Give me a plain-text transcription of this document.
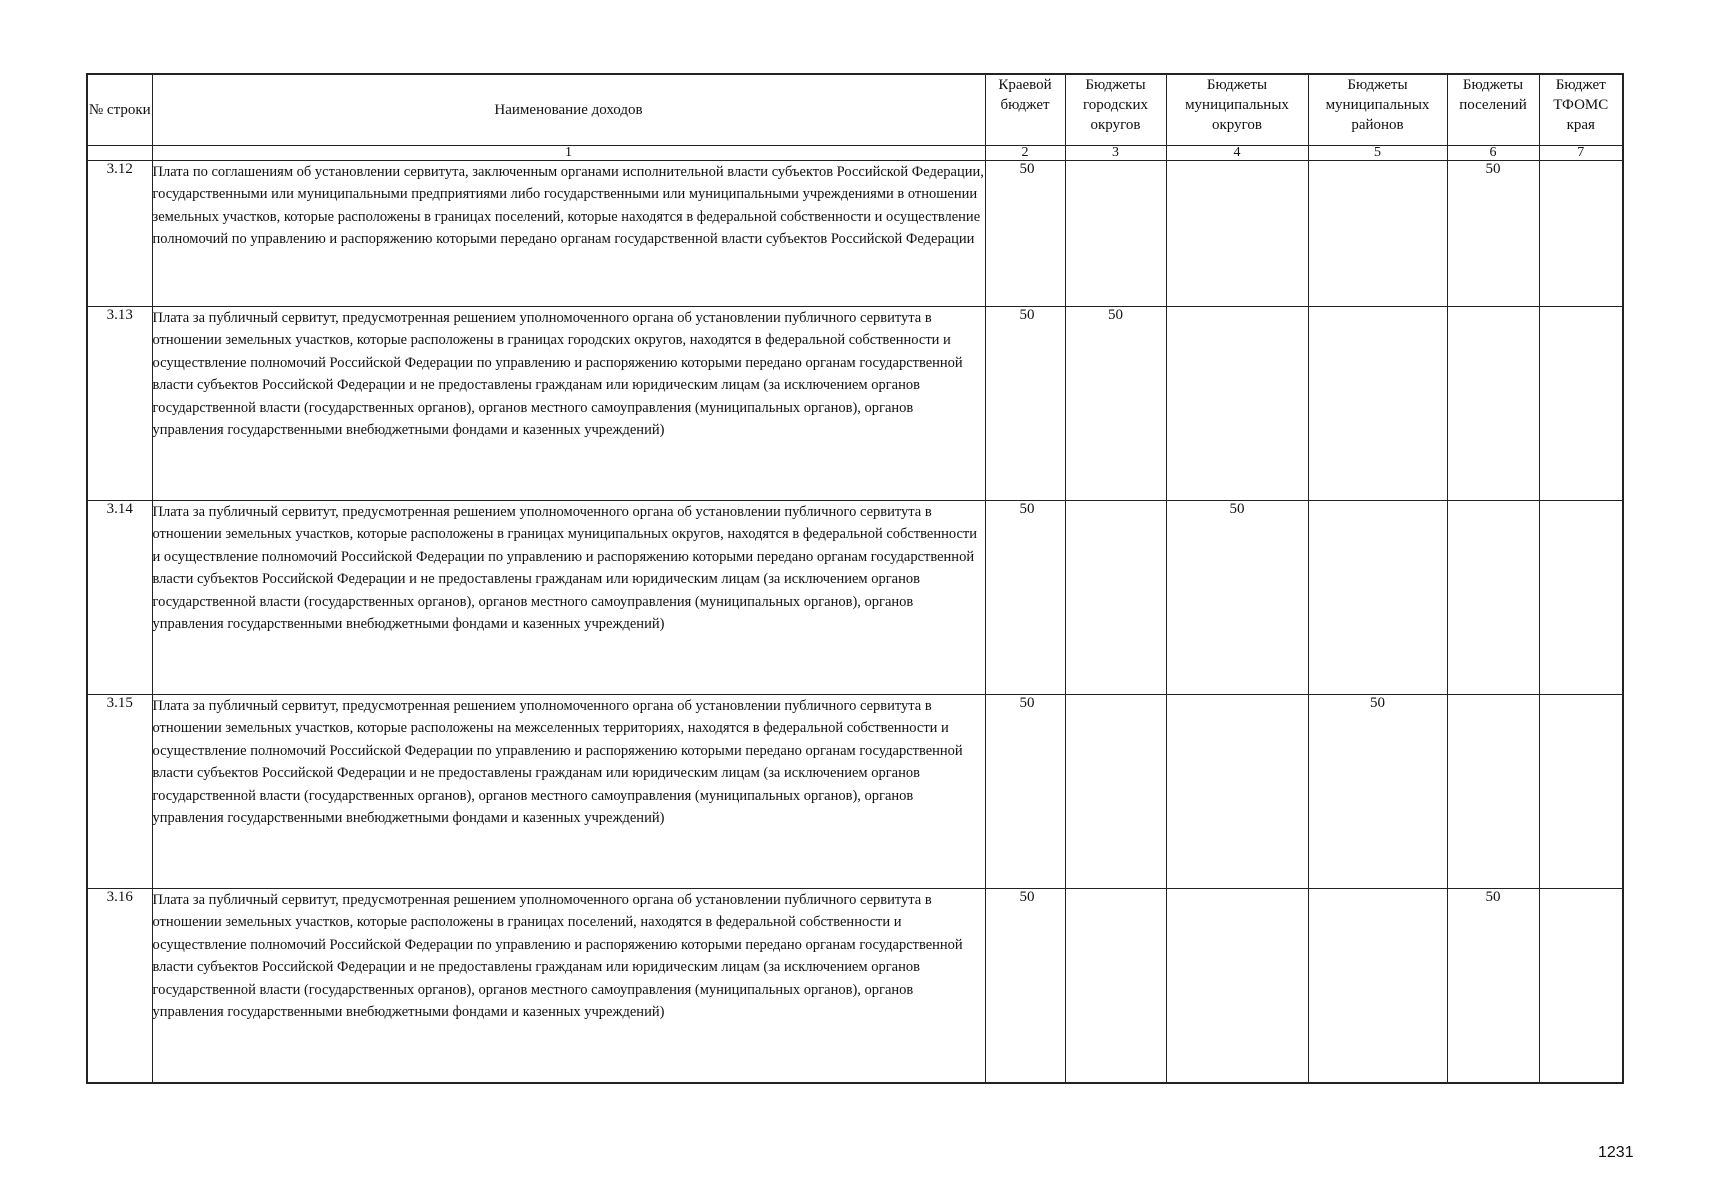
№ строки	Наименование доходов	Краевой бюджет	Бюджеты городских округов	Бюджеты муниципальных округов	Бюджеты муниципальных районов	Бюджеты поселений	Бюджет ТФОМС края
	1	2	3	4	5	6	7
3.12	Плата по соглашениям об установлении сервитута, заключенным органами исполнительной власти субъектов Российской Федерации, государственными или муниципальными предприятиями либо государственными или муниципальными учреждениями в отношении земельных участков, которые расположены в границах поселений, которые находятся в федеральной собственности и осуществление полномочий по управлению и распоряжению которыми передано органам государственной власти субъектов Российской Федерации	50				50	
3.13	Плата за публичный сервитут, предусмотренная решением уполномоченного органа об установлении публичного сервитута в отношении земельных участков, которые расположены в границах городских округов, находятся в федеральной собственности и осуществление полномочий Российской Федерации по управлению и распоряжению которыми передано органам государственной власти субъектов Российской Федерации и не предоставлены гражданам или юридическим лицам (за исключением органов государственной власти (государственных органов), органов местного самоуправления (муниципальных органов), органов управления государственными внебюджетными фондами и казенных учреждений)	50	50				
3.14	Плата за публичный сервитут, предусмотренная решением уполномоченного органа об установлении публичного сервитута в отношении земельных участков, которые расположены в границах муниципальных округов, находятся в федеральной собственности и осуществление полномочий Российской Федерации по управлению и распоряжению которыми передано органам государственной власти субъектов Российской Федерации и не предоставлены гражданам или юридическим лицам (за исключением органов государственной власти (государственных органов), органов местного самоуправления (муниципальных органов), органов управления государственными внебюджетными фондами и казенных учреждений)	50		50			
3.15	Плата за публичный сервитут, предусмотренная решением уполномоченного органа об установлении публичного сервитута в отношении земельных участков, которые расположены на межселенных территориях, находятся в федеральной собственности и осуществление полномочий Российской Федерации по управлению и распоряжению которыми передано органам государственной власти субъектов Российской Федерации и не предоставлены гражданам или юридическим лицам (за исключением органов государственной власти (государственных органов), органов местного самоуправления (муниципальных органов), органов управления государственными внебюджетными фондами и казенных учреждений)	50			50		
3.16	Плата за публичный сервитут, предусмотренная решением уполномоченного органа об установлении публичного сервитута в отношении земельных участков, которые расположены в границах поселений, находятся в федеральной собственности и осуществление полномочий Российской Федерации по управлению и распоряжению которыми передано органам государственной власти субъектов Российской Федерации и не предоставлены гражданам или юридическим лицам (за исключением органов государственной власти (государственных органов), органов местного самоуправления (муниципальных органов), органов управления государственными внебюджетными фондами и казенных учреждений)	50				50	
1231
